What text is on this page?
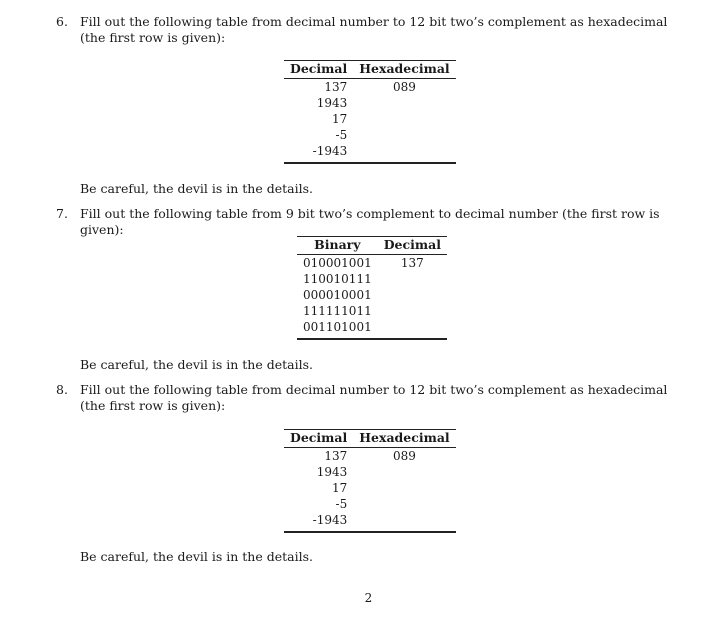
6. Fill out the following table from decimal number to 12 bit two’s complement as hexadecimal (the first row is given):
Decimal	Hexadecimal
137	089
1943	
17	
-5	
-1943	

Be careful, the devil is in the details.
7. Fill out the following table from 9 bit two’s complement to decimal number (the first row is given):
Binary	Decimal
010001001	137
110010111	
000010001	
111111011	
001101001	

Be careful, the devil is in the details.
8. Fill out the following table from decimal number to 12 bit two’s complement as hexadecimal (the first row is given):
Decimal	Hexadecimal
137	089
1943	
17	
-5	
-1943	

Be careful, the devil is in the details.
2
